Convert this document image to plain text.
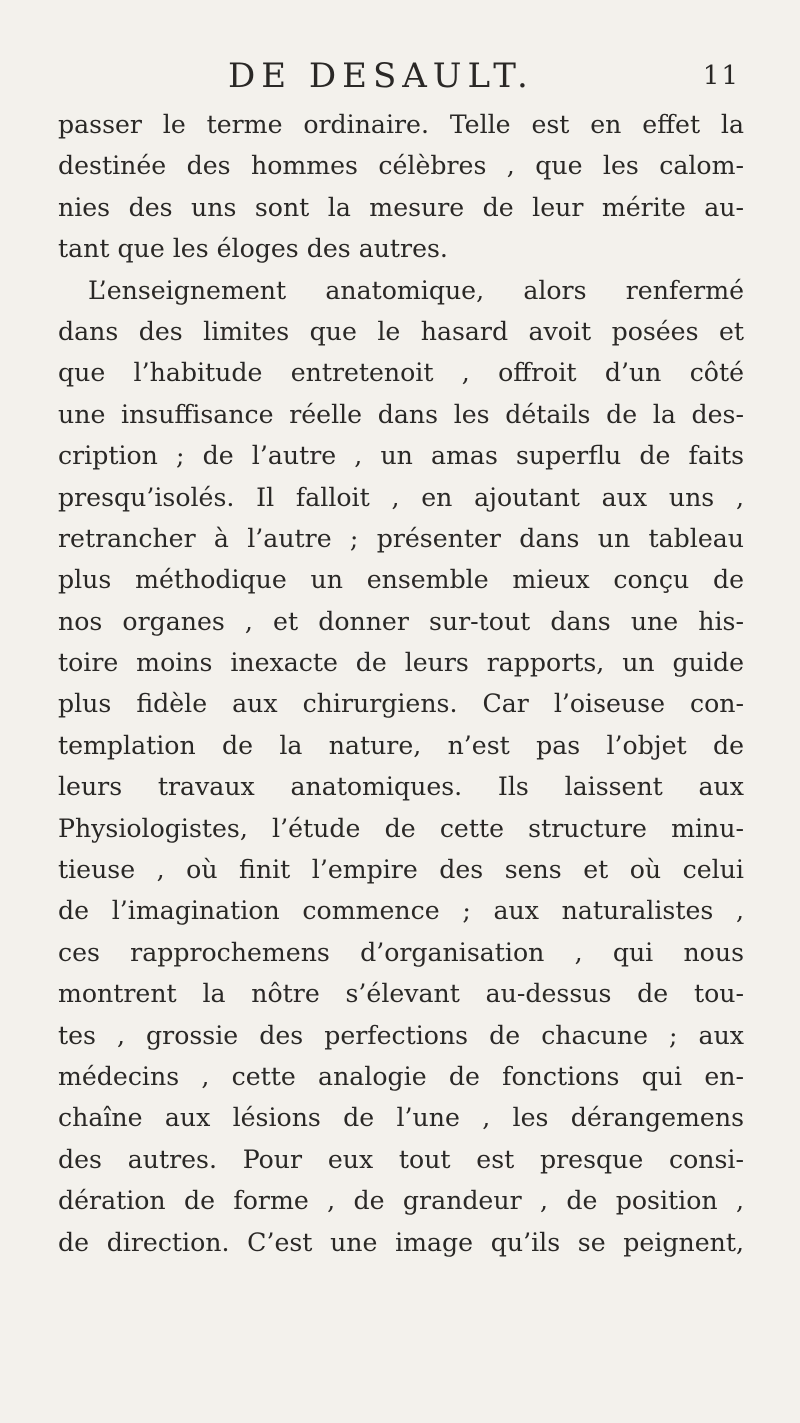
DE DESAULT.	11
passer le terme ordinaire. Telle est en effet la
destinée des hommes célèbres , que les calom-
nies des uns sont la mesure de leur mérite au-
tant que les éloges des autres.
L’enseignement anatomique, alors renfermé
dans des limites que le hasard avoit posées et
que l’habitude entretenoit , offroit d’un côté
une insuffisance réelle dans les détails de la des-
cription ; de l’autre , un amas superflu de faits
presqu’isolés. Il falloit , en ajoutant aux uns ,
retrancher à l’autre ; présenter dans un tableau
plus méthodique un ensemble mieux conçu de
nos organes , et donner sur-tout dans une his-
toire moins inexacte de leurs rapports, un guide
plus fidèle aux chirurgiens. Car l’oiseuse con-
templation de la nature, n’est pas l’objet de
leurs travaux anatomiques. Ils laissent aux
Physiologistes, l’étude de cette structure minu-
tieuse , où finit l’empire des sens et où celui
de l’imagination commence ; aux naturalistes ,
ces rapprochemens d’organisation , qui nous
montrent la nôtre s’élevant au-dessus de tou-
tes , grossie des perfections de chacune ; aux
médecins , cette analogie de fonctions qui en-
chaîne aux lésions de l’une , les dérangemens
des autres. Pour eux tout est presque consi-
dération de forme , de grandeur , de position ,
de direction. C’est une image qu’ils se peignent,
